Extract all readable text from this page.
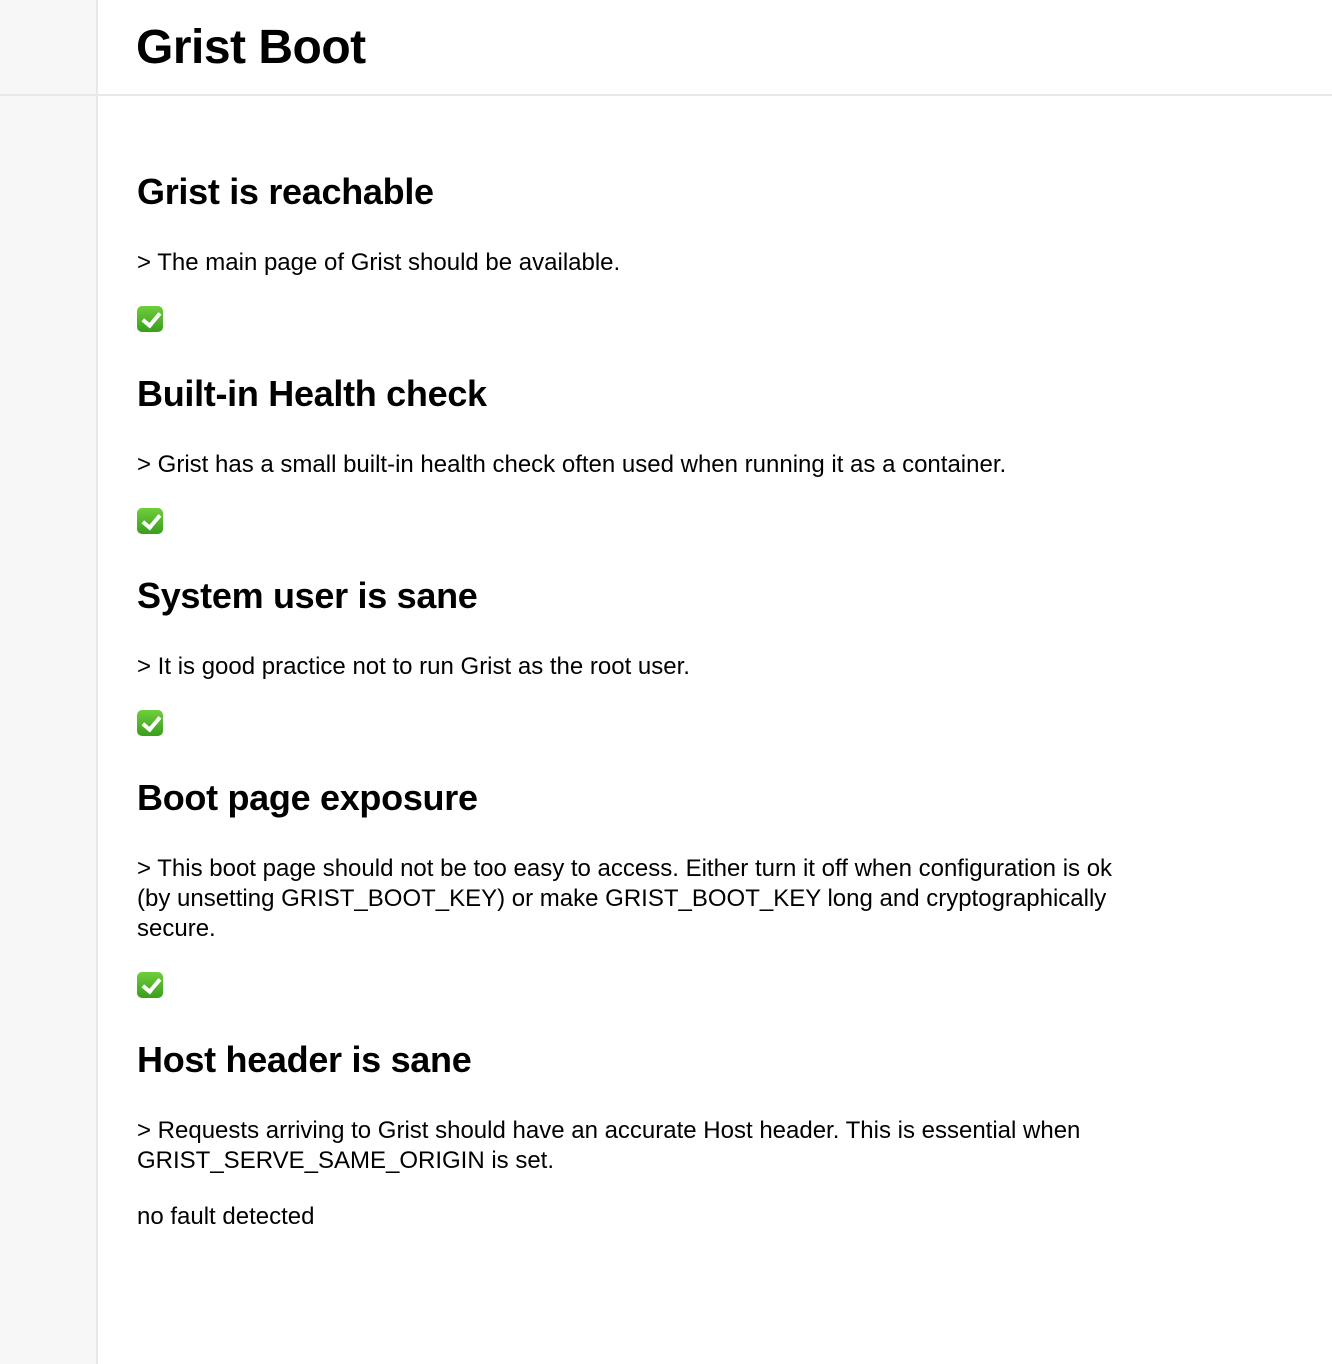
Grist Boot
Grist is reachable

> The main page of Grist should be available.

Built-in Health check

> Grist has a small built-in health check often used when running it as a container.

System user is sane

> It is good practice not to run Grist as the root user.

Boot page exposure

> This boot page should not be too easy to access. Either turn it off when configuration is ok (by unsetting GRIST_BOOT_KEY) or make GRIST_BOOT_KEY long and cryptographically secure.

Host header is sane

> Requests arriving to Grist should have an accurate Host header. This is essential when GRIST_SERVE_SAME_ORIGIN is set.

no fault detected
